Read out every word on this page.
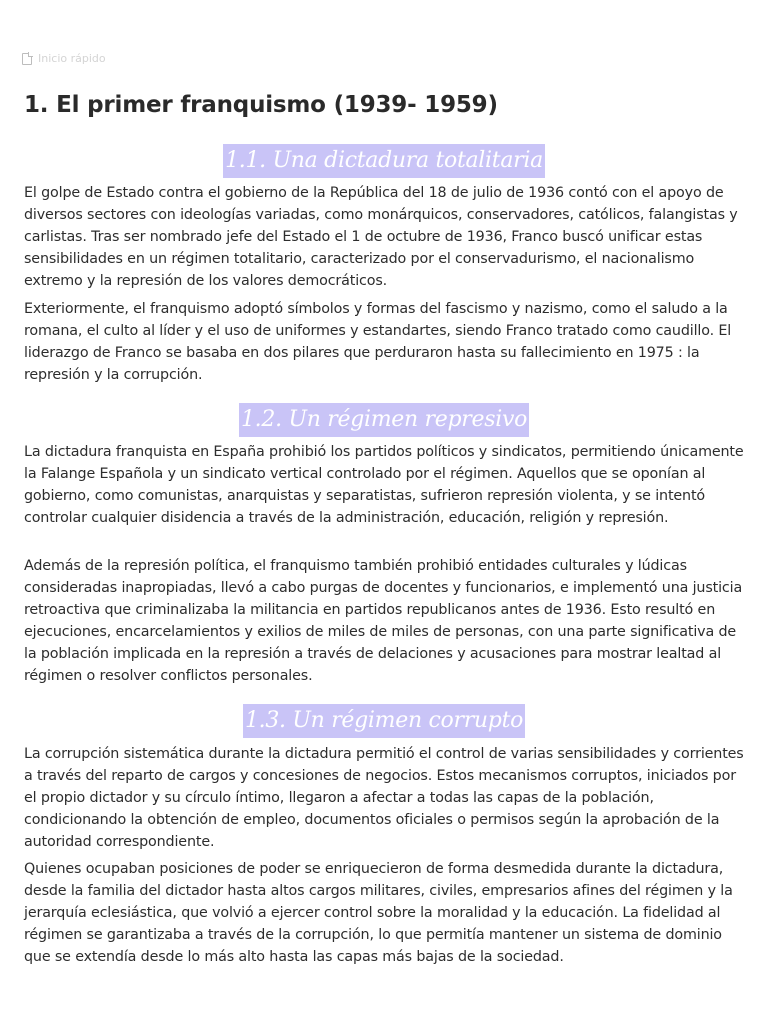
Inicio rápido
1. El primer franquismo (1939- 1959)
1.1. Una dictadura totalitaria

El golpe de Estado contra el gobierno de la República del 18 de julio de 1936 contó con el apoyo de diversos sectores con ideologías variadas, como monárquicos, conservadores, católicos, falangistas y carlistas. Tras ser nombrado jefe del Estado el 1 de octubre de 1936, Franco buscó unificar estas sensibilidades en un régimen totalitario, caracterizado por el conservadurismo, el nacionalismo extremo y la represión de los valores democráticos.

Exteriormente, el franquismo adoptó símbolos y formas del fascismo y nazismo, como el saludo a la romana, el culto al líder y el uso de uniformes y estandartes, siendo Franco tratado como caudillo. El liderazgo de Franco se basaba en dos pilares que perduraron hasta su fallecimiento en 1975 : la represión y la corrupción.

1.2. Un régimen represivo

La dictadura franquista en España prohibió los partidos políticos y sindicatos, permitiendo únicamente la Falange Española y un sindicato vertical controlado por el régimen. Aquellos que se oponían al gobierno, como comunistas, anarquistas y separatistas, sufrieron represión violenta, y se intentó controlar cualquier disidencia a través de la administración, educación, religión y represión.

Además de la represión política, el franquismo también prohibió entidades culturales y lúdicas consideradas inapropiadas, llevó a cabo purgas de docentes y funcionarios, e implementó una justicia retroactiva que criminalizaba la militancia en partidos republicanos antes de 1936. Esto resultó en ejecuciones, encarcelamientos y exilios de miles de miles de personas, con una parte significativa de la población implicada en la represión a través de delaciones y acusaciones para mostrar lealtad al régimen o resolver conflictos personales.

1.3. Un régimen corrupto

La corrupción sistemática durante la dictadura permitió el control de varias sensibilidades y corrientes a través del reparto de cargos y concesiones de negocios. Estos mecanismos corruptos, iniciados por el propio dictador y su círculo íntimo, llegaron a afectar a todas las capas de la población, condicionando la obtención de empleo, documentos oficiales o permisos según la aprobación de la autoridad correspondiente.

Quienes ocupaban posiciones de poder se enriquecieron de forma desmedida durante la dictadura, desde la familia del dictador hasta altos cargos militares, civiles, empresarios afines del régimen y la jerarquía eclesiástica, que volvió a ejercer control sobre la moralidad y la educación. La fidelidad al régimen se garantizaba a través de la corrupción, lo que permitía mantener un sistema de dominio que se extendía desde lo más alto hasta las capas más bajas de la sociedad.
